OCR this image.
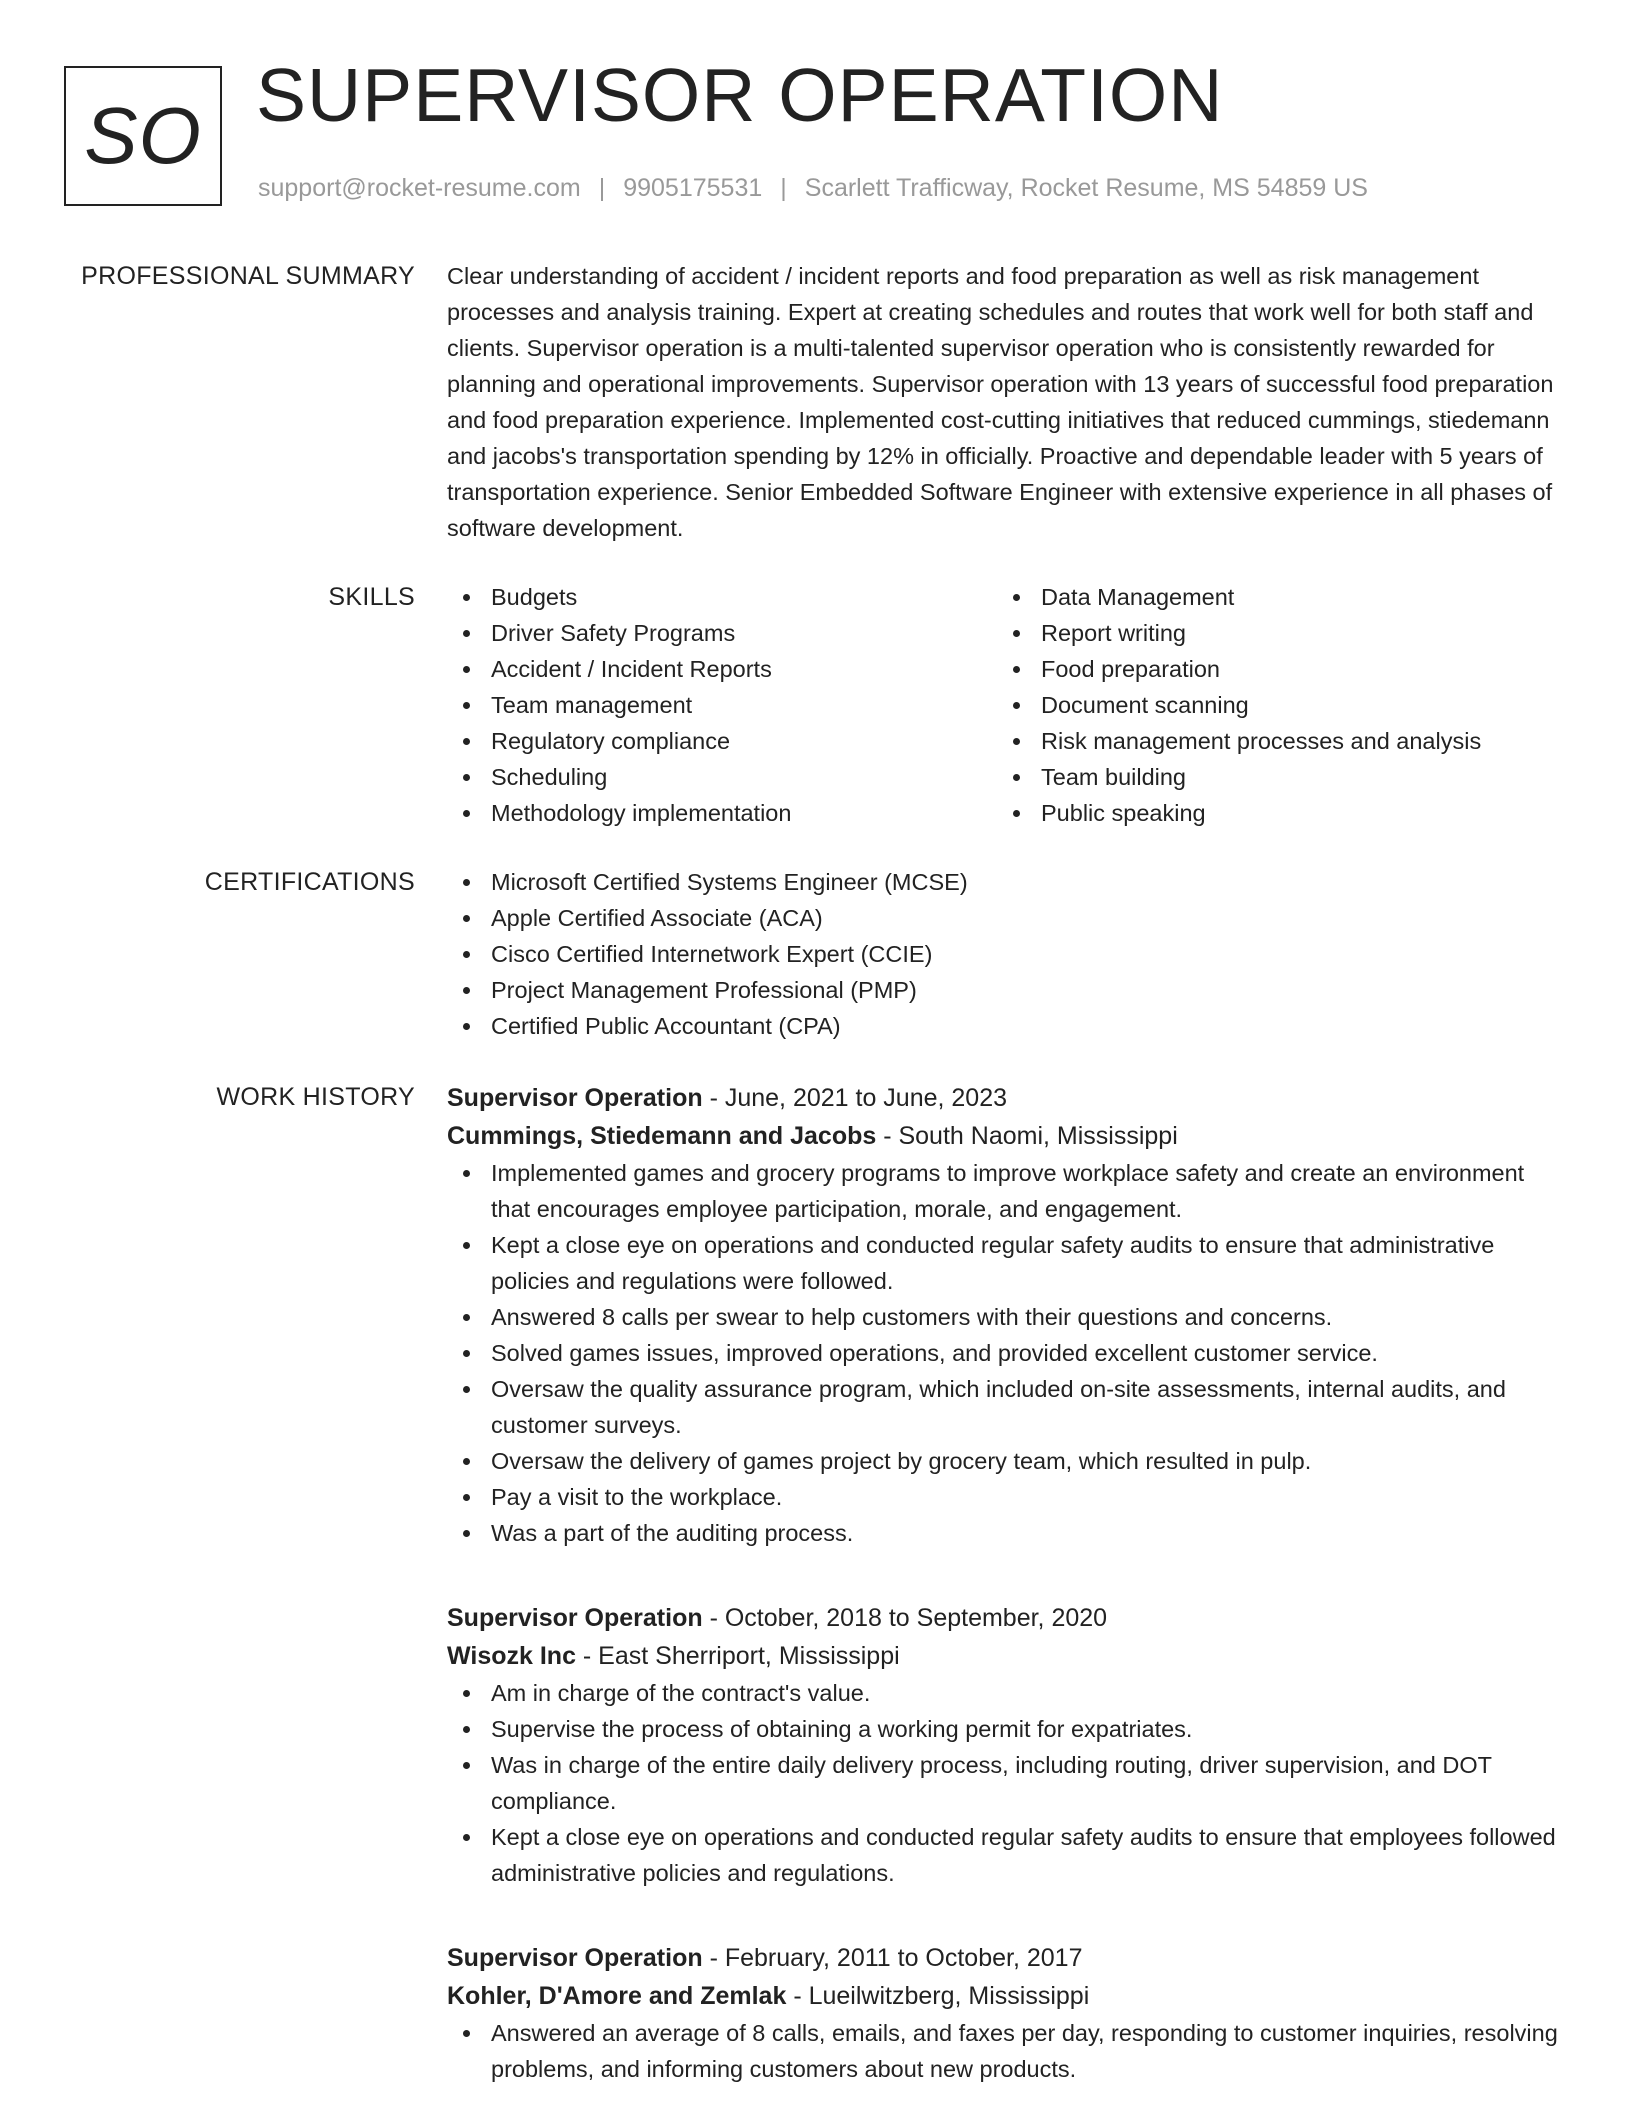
SO SUPERVISOR OPERATION
support@rocket-resume.com | 9905175531 | Scarlett Trafficway, Rocket Resume, MS 54859 US
PROFESSIONAL SUMMARY Clear understanding of accident / incident reports and food preparation as well as risk management processes and analysis training. Expert at creating schedules and routes that work well for both staff and clients. Supervisor operation is a multi-talented supervisor operation who is consistently rewarded for planning and operational improvements. Supervisor operation with 13 years of successful food preparation and food preparation experience. Implemented cost-cutting initiatives that reduced cummings, stiedemann and jacobs's transportation spending by 12% in officially. Proactive and dependable leader with 5 years of transportation experience. Senior Embedded Software Engineer with extensive experience in all phases of software development.

SKILLS	Budgets
Driver Safety Programs
Accident / Incident Reports
Team management
Regulatory compliance
Scheduling
Methodology implementation
Data Management
Report writing
Food preparation
Document scanning
Risk management processes and analysis
Team building
Public speaking
CERTIFICATIONS	Microsoft Certified Systems Engineer (MCSE)
Apple Certified Associate (ACA)
Cisco Certified Internetwork Expert (CCIE)
Project Management Professional (PMP)
Certified Public Accountant (CPA)
WORK HISTORY Supervisor Operation - June, 2021 to June, 2023
Cummings, Stiedemann and Jacobs - South Naomi, Mississippi
Implemented games and grocery programs to improve workplace safety and create an environment that encourages employee participation, morale, and engagement.
Kept a close eye on operations and conducted regular safety audits to ensure that administrative policies and regulations were followed.
Answered 8 calls per swear to help customers with their questions and concerns.
Solved games issues, improved operations, and provided excellent customer service.
Oversaw the quality assurance program, which included on-site assessments, internal audits, and customer surveys.
Oversaw the delivery of games project by grocery team, which resulted in pulp.
Pay a visit to the workplace.
Was a part of the auditing process.
Supervisor Operation - October, 2018 to September, 2020
Wisozk Inc - East Sherriport, Mississippi
Am in charge of the contract's value.
Supervise the process of obtaining a working permit for expatriates.
Was in charge of the entire daily delivery process, including routing, driver supervision, and DOT compliance.
Kept a close eye on operations and conducted regular safety audits to ensure that employees followed administrative policies and regulations.
Supervisor Operation - February, 2011 to October, 2017
Kohler, D'Amore and Zemlak - Lueilwitzberg, Mississippi
Answered an average of 8 calls, emails, and faxes per day, responding to customer inquiries, resolving problems, and informing customers about new products.
